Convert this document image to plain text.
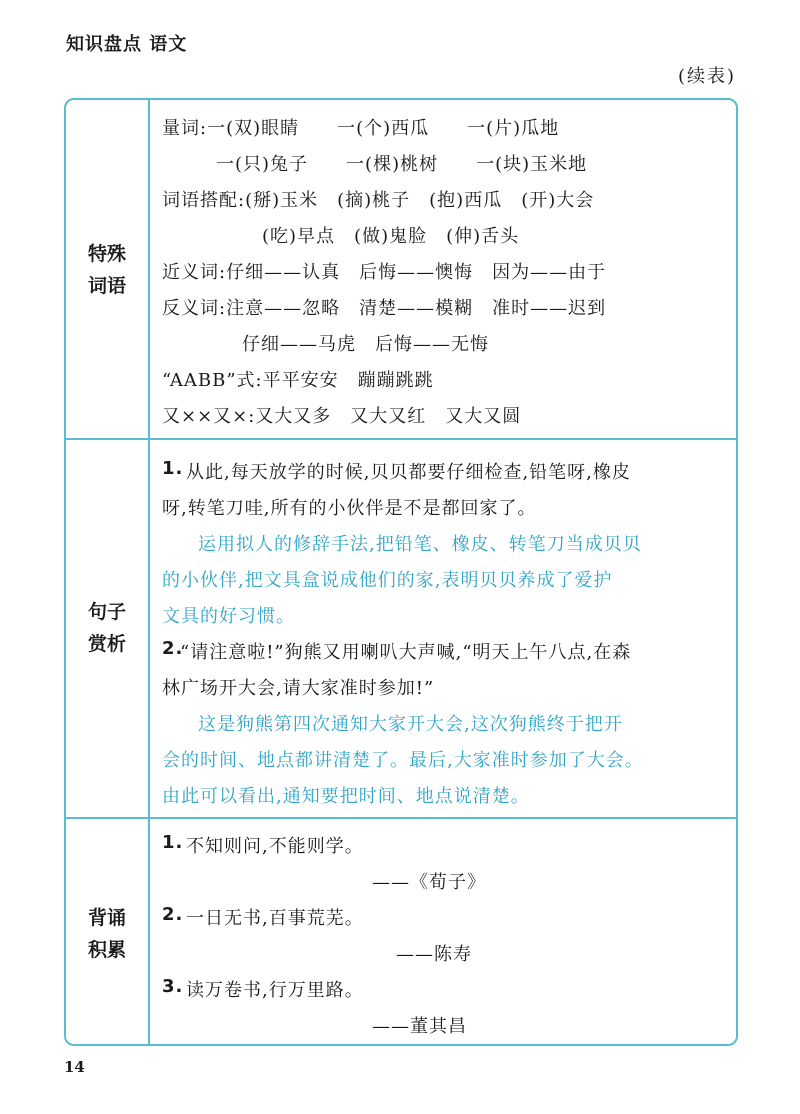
知识盘点 语文
(续表)
特殊
词语
量词:一(双)眼睛　　一(个)西瓜　　一(片)瓜地
一(只)兔子　　一(棵)桃树　　一(块)玉米地
词语搭配:(掰)玉米　(摘)桃子　(抱)西瓜　(开)大会
(吃)早点　(做)鬼脸　(伸)舌头
近义词:仔细——认真　后悔——懊悔　因为——由于
反义词:注意——忽略　清楚——模糊　准时——迟到
仔细——马虎　后悔——无悔
“AABB”式:平平安安　蹦蹦跳跳
又××又×:又大又多　又大又红　又大又圆
句子
赏析
1. 从此,每天放学的时候,贝贝都要仔细检查,铅笔呀,橡皮
呀,转笔刀哇,所有的小伙伴是不是都回家了。
运用拟人的修辞手法,把铅笔、橡皮、转笔刀当成贝贝
的小伙伴,把文具盒说成他们的家,表明贝贝养成了爱护
文具的好习惯。
2.
“请注意啦!”狗熊又用喇叭大声喊,“明天上午八点,在森
林广场开大会,请大家准时参加!”
这是狗熊第四次通知大家开大会,这次狗熊终于把开
会的时间、地点都讲清楚了。最后,大家准时参加了大会。
由此可以看出,通知要把时间、地点说清楚。
背诵
积累
1. 不知则问,不能则学。
——《荀子》
2. 一日无书,百事荒芜。
——陈寿
3. 读万卷书,行万里路。
——董其昌
14
